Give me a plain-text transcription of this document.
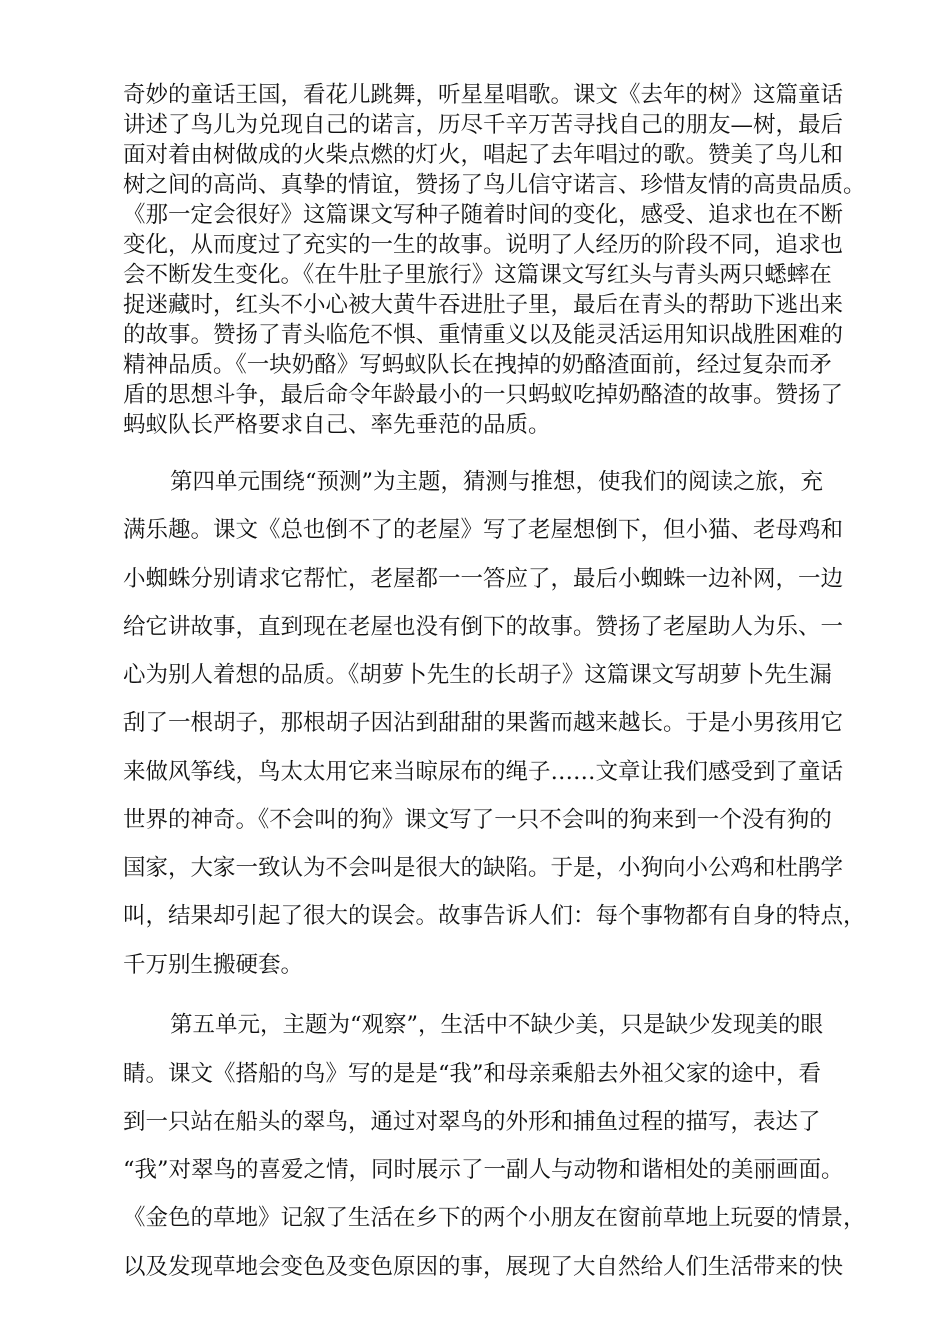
奇妙的童话王国，看花儿跳舞，听星星唱歌。课文《去年的树》这篇童话
讲述了鸟儿为兑现自己的诺言，历尽千辛万苦寻找自己的朋友—树，最后
面对着由树做成的火柴点燃的灯火，唱起了去年唱过的歌。赞美了鸟儿和
树之间的高尚、真挚的情谊，赞扬了鸟儿信守诺言、珍惜友情的高贵品质。
《那一定会很好》这篇课文写种子随着时间的变化，感受、追求也在不断
变化，从而度过了充实的一生的故事。说明了人经历的阶段不同，追求也
会不断发生变化。《在牛肚子里旅行》这篇课文写红头与青头两只蟋蟀在
捉迷藏时，红头不小心被大黄牛吞进肚子里，最后在青头的帮助下逃出来
的故事。赞扬了青头临危不惧、重情重义以及能灵活运用知识战胜困难的
精神品质。《一块奶酪》写蚂蚁队长在拽掉的奶酪渣面前，经过复杂而矛
盾的思想斗争，最后命令年龄最小的一只蚂蚁吃掉奶酪渣的故事。赞扬了
蚂蚁队长严格要求自己、率先垂范的品质。
第四单元围绕“预测”为主题，猜测与推想，使我们的阅读之旅，充
满乐趣。课文《总也倒不了的老屋》写了老屋想倒下，但小猫、老母鸡和
小蜘蛛分别请求它帮忙，老屋都一一答应了，最后小蜘蛛一边补网，一边
给它讲故事，直到现在老屋也没有倒下的故事。赞扬了老屋助人为乐、一
心为别人着想的品质。《胡萝卜先生的长胡子》这篇课文写胡萝卜先生漏
刮了一根胡子，那根胡子因沾到甜甜的果酱而越来越长。于是小男孩用它
来做风筝线，鸟太太用它来当晾尿布的绳子……文章让我们感受到了童话
世界的神奇。《不会叫的狗》课文写了一只不会叫的狗来到一个没有狗的
国家，大家一致认为不会叫是很大的缺陷。于是，小狗向小公鸡和杜鹃学
叫，结果却引起了很大的误会。故事告诉人们：每个事物都有自身的特点，
千万别生搬硬套。
第五单元，主题为“观察”，生活中不缺少美，只是缺少发现美的眼
睛。课文《搭船的鸟》写的是是“我”和母亲乘船去外祖父家的途中，看
到一只站在船头的翠鸟，通过对翠鸟的外形和捕鱼过程的描写，表达了
“我”对翠鸟的喜爱之情，同时展示了一副人与动物和谐相处的美丽画面。
《金色的草地》记叙了生活在乡下的两个小朋友在窗前草地上玩耍的情景，
以及发现草地会变色及变色原因的事，展现了大自然给人们生活带来的快
